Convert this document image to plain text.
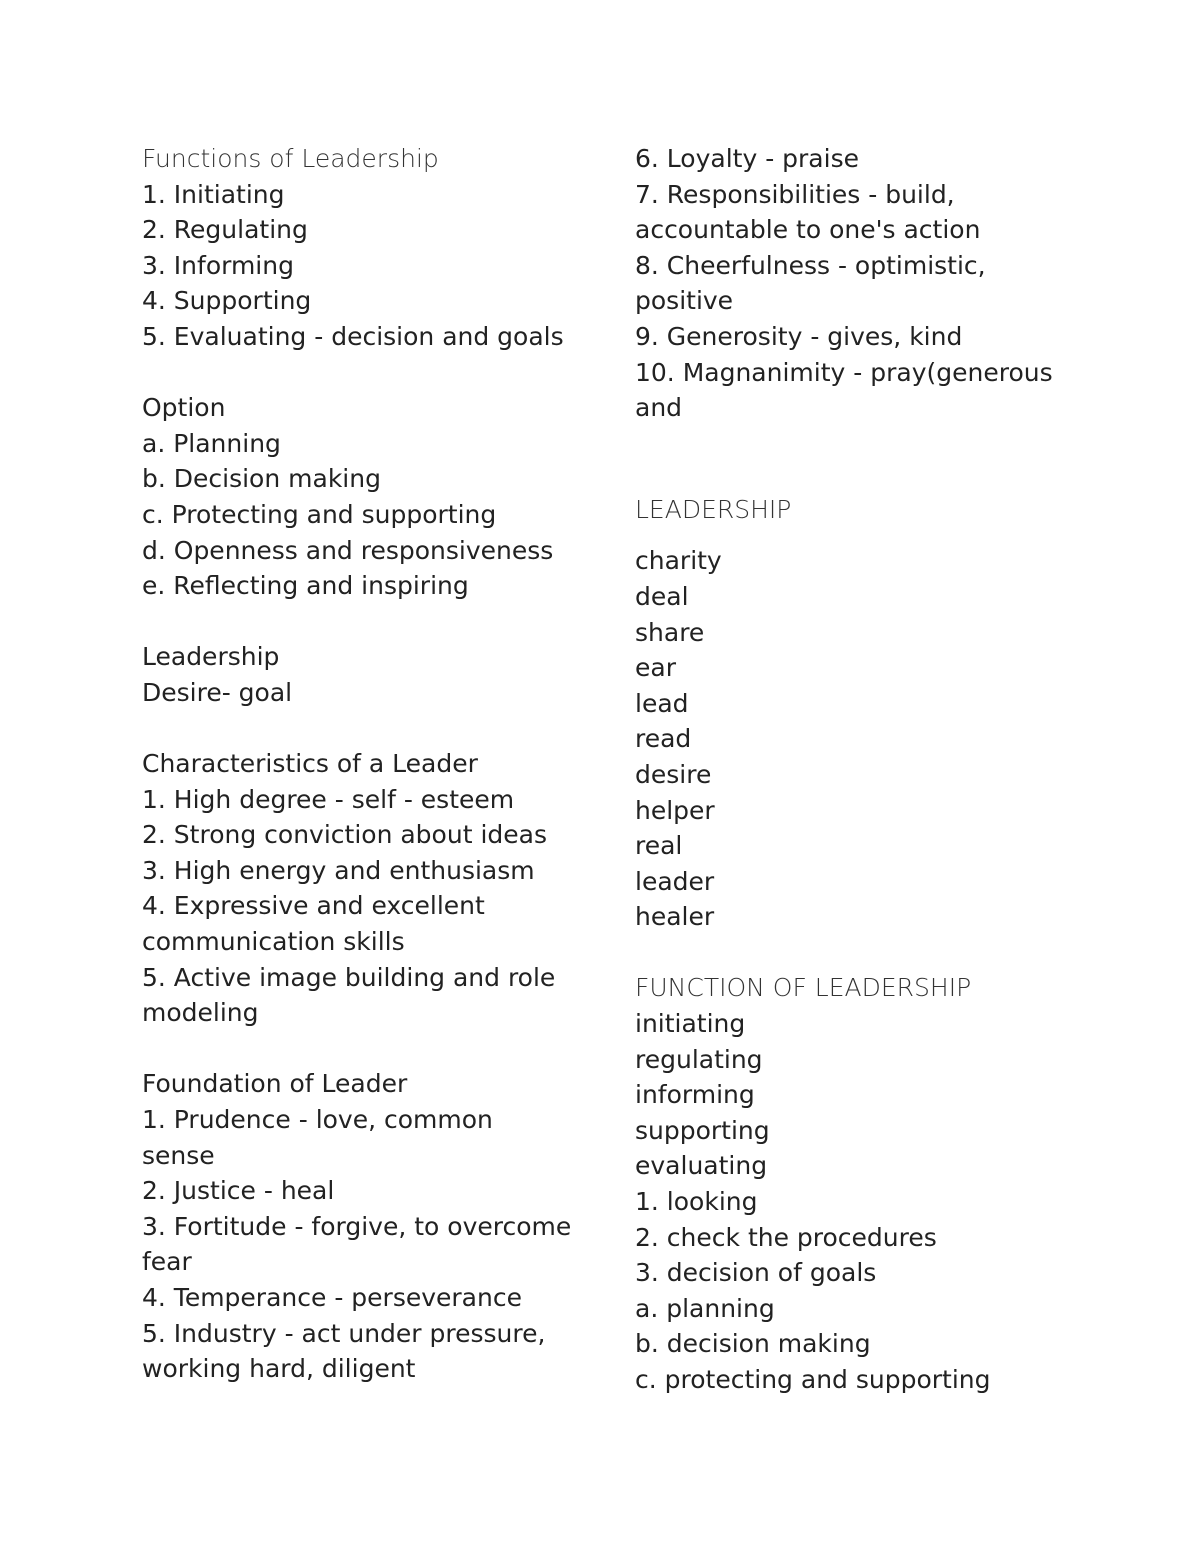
Functions of Leadership
1. Initiating
2. Regulating
3. Informing
4. Supporting
5. Evaluating - decision and goals
Option
a. Planning
b. Decision making
c. Protecting and supporting
d. Openness and responsiveness
e. Reflecting and inspiring
Leadership
Desire- goal
Characteristics of a Leader
1. High degree - self - esteem
2. Strong conviction about ideas
3. High energy and enthusiasm
4. Expressive and excellent
communication skills
5. Active image building and role
modeling
Foundation of Leader
1. Prudence - love, common
sense
2. Justice - heal
3. Fortitude - forgive, to overcome
fear
4. Temperance - perseverance
5. Industry - act under pressure,
working hard, diligent
6. Loyalty - praise
7. Responsibilities - build,
accountable to one's action
8. Cheerfulness - optimistic,
positive
9. Generosity - gives, kind
10. Magnanimity - pray(generous
and
LEADERSHIP
charity
deal
share
ear
lead
read
desire
helper
real
leader
healer
FUNCTION OF LEADERSHIP
initiating
regulating
informing
supporting
evaluating
1. looking
2. check the procedures
3. decision of goals
a. planning
b. decision making
c. protecting and supporting
